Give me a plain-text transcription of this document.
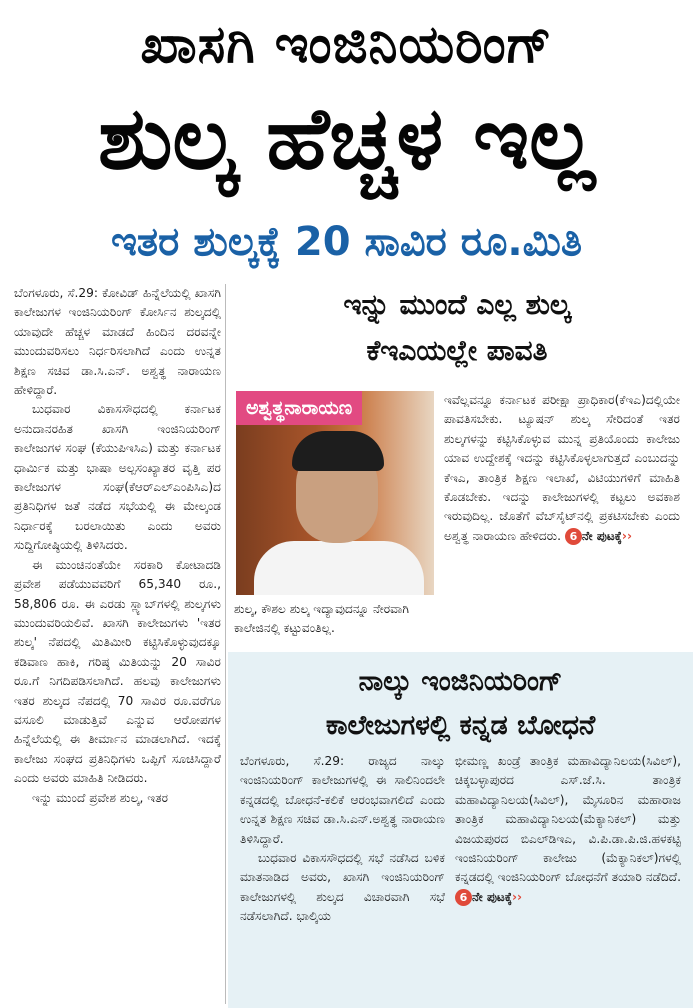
ಖಾಸಗಿ ಇಂಜಿನಿಯರಿಂಗ್
ಶುಲ್ಕ ಹೆಚ್ಚಳ ಇಲ್ಲ
ಇತರ ಶುಲ್ಕಕ್ಕೆ 20 ಸಾವಿರ ರೂ.ಮಿತಿ

ಬೆಂಗಳೂರು, ಸೆ.29: ಕೋವಿಡ್ ಹಿನ್ನೆಲೆಯಲ್ಲಿ ಖಾಸಗಿ ಕಾಲೇಜುಗಳ ಇಂಜಿನಿಯರಿಂಗ್ ಕೋರ್ಸಿನ ಶುಲ್ಕದಲ್ಲಿ ಯಾವುದೇ ಹೆಚ್ಚಳ ಮಾಡದೆ ಹಿಂದಿನ ದರವನ್ನೇ ಮುಂದುವರಿಸಲು ನಿರ್ಧರಿಸಲಾಗಿದೆ ಎಂದು ಉನ್ನತ ಶಿಕ್ಷಣ ಸಚಿವ ಡಾ.ಸಿ.ಎನ್. ಅಶ್ವತ್ಥ ನಾರಾಯಣ ಹೇಳಿದ್ದಾರೆ.

ಬುಧವಾರ ವಿಕಾಸಸೌಧದಲ್ಲಿ ಕರ್ನಾಟಕ ಅನುದಾನರಹಿತ ಖಾಸಗಿ ಇಂಜಿನಿಯರಿಂಗ್ ಕಾಲೇಜುಗಳ ಸಂಘ (ಕೆಯುಪಿಇಸಿಎ) ಮತ್ತು ಕರ್ನಾಟಕ ಧಾರ್ಮಿಕ ಮತ್ತು ಭಾಷಾ ಅಲ್ಪಸಂಖ್ಯಾತರ ವೃತ್ತಿ ಪರ ಕಾಲೇಜುಗಳ ಸಂಘ(ಕೆಆರ್‌ಎಲ್‌ಎಂಪಿಸಿಎ)ದ ಪ್ರತಿನಿಧಿಗಳ ಜತೆ ನಡೆದ ಸಭೆಯಲ್ಲಿ ಈ ಮೇಲ್ಕಂಡ ನಿರ್ಧಾರಕ್ಕೆ ಬರಲಾಯಿತು ಎಂದು ಅವರು ಸುದ್ದಿಗೋಷ್ಠಿಯಲ್ಲಿ ತಿಳಿಸಿದರು.

ಈ ಮುಂಚಿನಂತೆಯೇ ಸರಕಾರಿ ಕೋಟಾದಡಿ ಪ್ರವೇಶ ಪಡೆಯುವವರಿಗೆ 65,340 ರೂ., 58,806 ರೂ. ಈ ಎರಡು ಸ್ಲ್ಯಾಬ್‌ಗಳಲ್ಲಿ ಶುಲ್ಕಗಳು ಮುಂದುವರಿಯಲಿವೆ. ಖಾಸಗಿ ಕಾಲೇಜುಗಳು 'ಇತರ ಶುಲ್ಕ' ನೆಪದಲ್ಲಿ ಮಿತಿಮೀರಿ ಕಟ್ಟಿಸಿಕೊಳ್ಳುವುದಕ್ಕೂ ಕಡಿವಾಣ ಹಾಕಿ, ಗರಿಷ್ಠ ಮಿತಿಯನ್ನು 20 ಸಾವಿರ ರೂ.ಗೆ ನಿಗದಿಪಡಿಸಲಾಗಿದೆ. ಹಲವು ಕಾಲೇಜುಗಳು ಇತರ ಶುಲ್ಕದ ನೆಪದಲ್ಲಿ 70 ಸಾವಿರ ರೂ.ವರೆಗೂ ವಸೂಲಿ ಮಾಡುತ್ತಿವೆ ಎನ್ನುವ ಆರೋಪಗಳ ಹಿನ್ನೆಲೆಯಲ್ಲಿ ಈ ತೀರ್ಮಾನ ಮಾಡಲಾಗಿದೆ. ಇದಕ್ಕೆ ಕಾಲೇಜು ಸಂಘದ ಪ್ರತಿನಿಧಿಗಳು ಒಪ್ಪಿಗೆ ಸೂಚಿಸಿದ್ದಾರೆ ಎಂದು ಅವರು ಮಾಹಿತಿ ನೀಡಿದರು.

ಇನ್ನು ಮುಂದೆ ಪ್ರವೇಶ ಶುಲ್ಕ, ಇತರ

ಇನ್ನು ಮುಂದೆ ಎಲ್ಲ ಶುಲ್ಕ
ಕೆಇಎಯಲ್ಲೇ ಪಾವತಿ
ಅಶ್ವತ್ಥನಾರಾಯಣ
ಶುಲ್ಕ, ಕೌಶಲ ಶುಲ್ಕ ಇದ್ಯಾವುದನ್ನೂ ನೇರವಾಗಿ ಕಾಲೇಜಿನಲ್ಲಿ ಕಟ್ಟುವಂತಿಲ್ಲ.

ಇವೆಲ್ಲವನ್ನೂ ಕರ್ನಾಟಕ ಪರೀಕ್ಷಾ ಪ್ರಾಧಿಕಾರ(ಕೆಇಎ)ದಲ್ಲಿಯೇ ಪಾವತಿಸಬೇಕು. ಟ್ಯೂಷನ್ ಶುಲ್ಕ ಸೇರಿದಂತೆ ಇತರ ಶುಲ್ಕಗಳನ್ನು ಕಟ್ಟಿಸಿಕೊಳ್ಳುವ ಮುನ್ನ ಪ್ರತಿಯೊಂದು ಕಾಲೇಜು ಯಾವ ಉದ್ದೇಶಕ್ಕೆ ಇದನ್ನು ಕಟ್ಟಿಸಿಕೊಳ್ಳಲಾಗುತ್ತದೆ ಎಂಬುದನ್ನು ಕೆಇಎ, ತಾಂತ್ರಿಕ ಶಿಕ್ಷಣ ಇಲಾಖೆ, ವಿಟಿಯುಗಳಿಗೆ ಮಾಹಿತಿ ಕೊಡಬೇಕು. ಇದನ್ನು ಕಾಲೇಜುಗಳಲ್ಲಿ ಕಟ್ಟಲು ಅವಕಾಶ ಇರುವುದಿಲ್ಲ. ಜೊತೆಗೆ ವೆಬ್‌ಸೈಟ್‌ನಲ್ಲಿ ಪ್ರಕಟಿಸಬೇಕು ಎಂದು ಅಶ್ವತ್ಥ ನಾರಾಯಣ ಹೇಳಿದರು. 6 ನೇ ಪುಟಕ್ಕೆ››

ನಾಲ್ಕು ಇಂಜಿನಿಯರಿಂಗ್
ಕಾಲೇಜುಗಳಲ್ಲಿ ಕನ್ನಡ ಬೋಧನೆ

ಬೆಂಗಳೂರು, ಸೆ.29: ರಾಜ್ಯದ ನಾಲ್ಕು ಇಂಜಿನಿಯರಿಂಗ್ ಕಾಲೇಜುಗಳಲ್ಲಿ ಈ ಸಾಲಿನಿಂದಲೇ ಕನ್ನಡದಲ್ಲಿ ಬೋಧನೆ-ಕಲಿಕೆ ಆರಂಭವಾಗಲಿದೆ ಎಂದು ಉನ್ನತ ಶಿಕ್ಷಣ ಸಚಿವ ಡಾ.ಸಿ.ಎನ್.ಅಶ್ವತ್ಥ ನಾರಾಯಣ ತಿಳಿಸಿದ್ದಾರೆ.

ಬುಧವಾರ ವಿಕಾಸಸೌಧದಲ್ಲಿ ಸಭೆ ನಡೆಸಿದ ಬಳಿಕ ಮಾತನಾಡಿದ ಅವರು, ಖಾಸಗಿ ಇಂಜಿನಿಯರಿಂಗ್ ಕಾಲೇಜುಗಳಲ್ಲಿ ಶುಲ್ಕದ ವಿಚಾರವಾಗಿ ಸಭೆ ನಡೆಸಲಾಗಿದೆ. ಭಾಲ್ಕಿಯ

ಭೀಮಣ್ಣ ಖಂಡ್ರೆ ತಾಂತ್ರಿಕ ಮಹಾವಿದ್ಯಾನಿಲಯ(ಸಿವಿಲ್), ಚಿಕ್ಕಬಳ್ಳಾಪುರದ ಎಸ್.ಜೆ.ಸಿ. ತಾಂತ್ರಿಕ ಮಹಾವಿದ್ಯಾನಿಲಯ(ಸಿವಿಲ್), ಮೈಸೂರಿನ ಮಹಾರಾಜ ತಾಂತ್ರಿಕ ಮಹಾವಿದ್ಯಾನಿಲಯ(ಮೆಕ್ಯಾನಿಕಲ್) ಮತ್ತು ವಿಜಯಪುರದ ಬಿಎಲ್‌ಡಿಇಎ, ವಿ.ಪಿ.ಡಾ.ಪಿ.ಜಿ.ಹಳಕಟ್ಟಿ ಇಂಜಿನಿಯರಿಂಗ್ ಕಾಲೇಜು (ಮೆಕ್ಯಾನಿಕಲ್)ಗಳಲ್ಲಿ ಕನ್ನಡದಲ್ಲಿ ಇಂಜಿನಿಯರಿಂಗ್ ಬೋಧನೆಗೆ ತಯಾರಿ ನಡೆದಿದೆ. 6 ನೇ ಪುಟಕ್ಕೆ››
